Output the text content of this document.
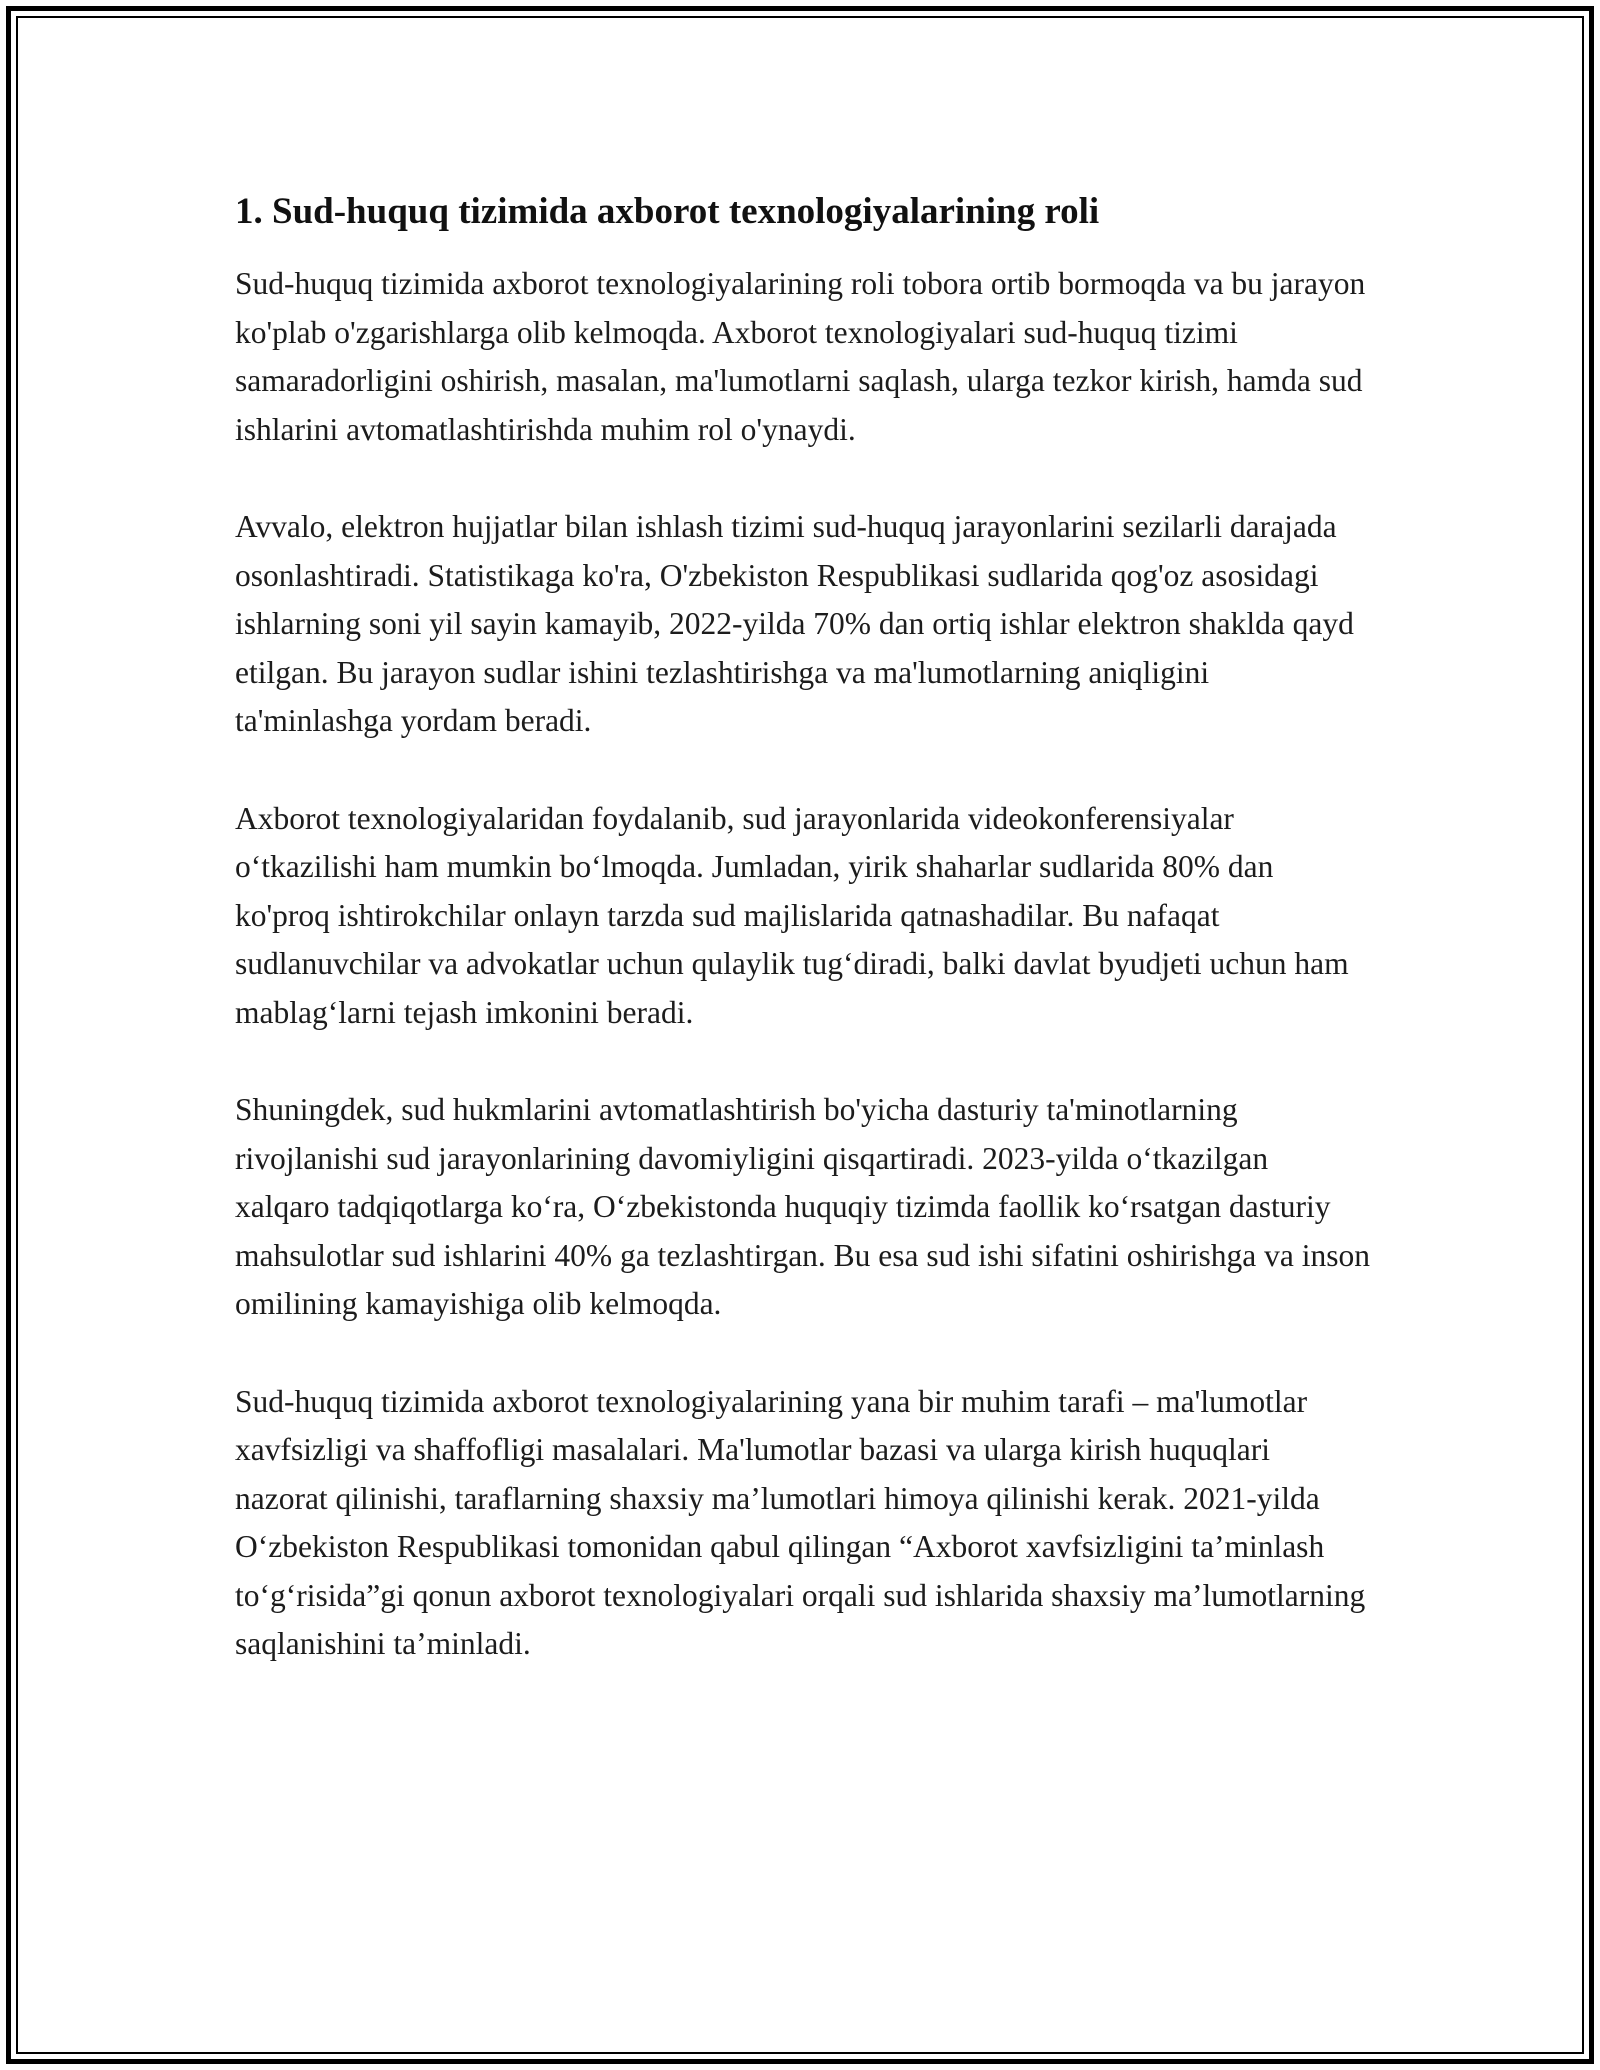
1. Sud-huquq tizimida axborot texnologiyalarining roli

Sud-huquq tizimida axborot texnologiyalarining roli tobora ortib bormoqda va bu jarayon ko'plab o'zgarishlarga olib kelmoqda. Axborot texnologiyalari sud-huquq tizimi samaradorligini oshirish, masalan, ma'lumotlarni saqlash, ularga tezkor kirish, hamda sud ishlarini avtomatlashtirishda muhim rol o'ynaydi.

Avvalo, elektron hujjatlar bilan ishlash tizimi sud-huquq jarayonlarini sezilarli darajada osonlashtiradi. Statistikaga ko'ra, O'zbekiston Respublikasi sudlarida qog'oz asosidagi ishlarning soni yil sayin kamayib, 2022-yilda 70% dan ortiq ishlar elektron shaklda qayd etilgan. Bu jarayon sudlar ishini tezlashtirishga va ma'lumotlarning aniqligini ta'minlashga yordam beradi.

Axborot texnologiyalaridan foydalanib, sud jarayonlarida videokonferensiyalar o‘tkazilishi ham mumkin bo‘lmoqda. Jumladan, yirik shaharlar sudlarida 80% dan ko'proq ishtirokchilar onlayn tarzda sud majlislarida qatnashadilar. Bu nafaqat sudlanuvchilar va advokatlar uchun qulaylik tug‘diradi, balki davlat byudjeti uchun ham mablag‘larni tejash imkonini beradi.

Shuningdek, sud hukmlarini avtomatlashtirish bo'yicha dasturiy ta'minotlarning rivojlanishi sud jarayonlarining davomiyligini qisqartiradi. 2023-yilda o‘tkazilgan xalqaro tadqiqotlarga ko‘ra, O‘zbekistonda huquqiy tizimda faollik ko‘rsatgan dasturiy mahsulotlar sud ishlarini 40% ga tezlashtirgan. Bu esa sud ishi sifatini oshirishga va inson omilining kamayishiga olib kelmoqda.

Sud-huquq tizimida axborot texnologiyalarining yana bir muhim tarafi – ma'lumotlar xavfsizligi va shaffofligi masalalari. Ma'lumotlar bazasi va ularga kirish huquqlari nazorat qilinishi, taraflarning shaxsiy ma’lumotlari himoya qilinishi kerak. 2021-yilda O‘zbekiston Respublikasi tomonidan qabul qilingan “Axborot xavfsizligini ta’minlash to‘g‘risida”gi qonun axborot texnologiyalari orqali sud ishlarida shaxsiy ma’lumotlarning saqlanishini ta’minladi.
